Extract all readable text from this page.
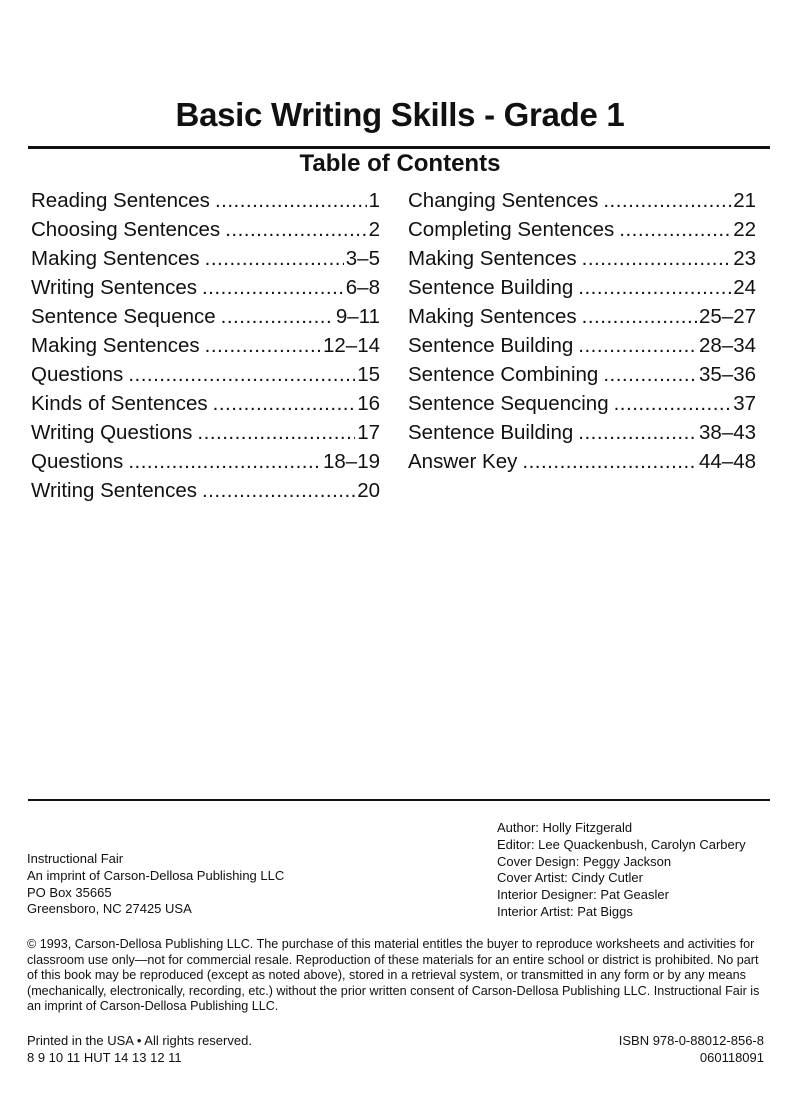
Basic Writing Skills - Grade 1
Table of Contents
Reading Sentences .....	1
Choosing Sentences .....	2
Making Sentences .....	3–5
Writing Sentences .....	6–8
Sentence Sequence .....	9–11
Making Sentences .....	12–14
Questions .....	15
Kinds of Sentences .....	16
Writing Questions .....	17
Questions .....	18–19
Writing Sentences .....	20
Changing Sentences .....	21
Completing Sentences .....	22
Making Sentences .....	23
Sentence Building .....	24
Making Sentences .....	25–27
Sentence Building .....	28–34
Sentence Combining .....	35–36
Sentence Sequencing .....	37
Sentence Building .....	38–43
Answer Key .....	44–48
Author: Holly Fitzgerald
Editor: Lee Quackenbush, Carolyn Carbery
Cover Design: Peggy Jackson
Cover Artist: Cindy Cutler
Interior Designer: Pat Geasler
Interior Artist: Pat Biggs
Instructional Fair
An imprint of Carson-Dellosa Publishing LLC
PO Box 35665
Greensboro, NC 27425 USA

© 1993, Carson-Dellosa Publishing LLC. The purchase of this material entitles the buyer to reproduce worksheets and activities for classroom use only—not for commercial resale. Reproduction of these materials for an entire school or district is prohibited. No part of this book may be reproduced (except as noted above), stored in a retrieval system, or transmitted in any form or by any means (mechanically, electronically, recording, etc.) without the prior written consent of Carson-Dellosa Publishing LLC. Instructional Fair is an imprint of Carson-Dellosa Publishing LLC.

Printed in the USA • All rights reserved.
8 9 10 11 HUT 14 13 12 11
ISBN 978-0-88012-856-8
060118091
